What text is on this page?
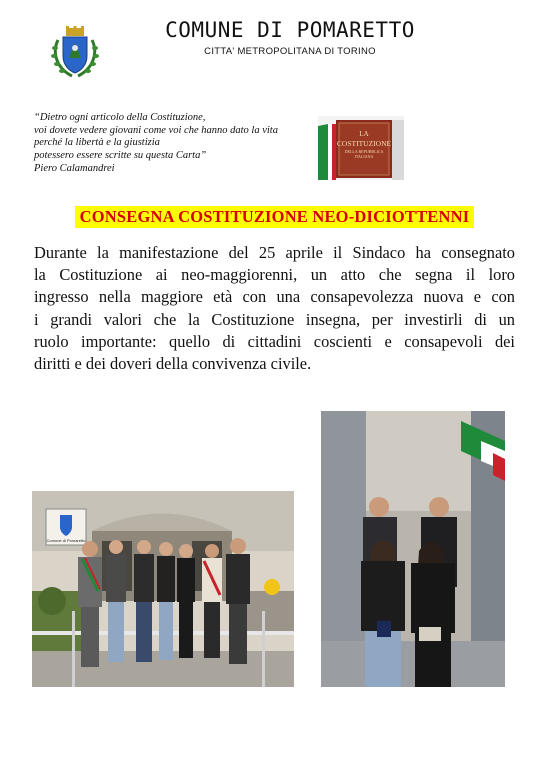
COMUNE DI POMARETTO
CITTA' METROPOLITANA DI TORINO
“Dietro ogni articolo della Costituzione,
voi dovete vedere giovani come voi che hanno dato la vita
perché la libertà e la giustizia
potessero essere scritte su questa Carta”
Piero Calamandrei
LA
COSTITUZIONE
DELLA REPUBBLICA
ITALIANA
CONSEGNA COSTITUZIONE NEO-DICIOTTENNI
Durante la manifestazione del 25 aprile il Sindaco ha consegnato
la Costituzione ai neo-maggiorenni, un atto che segna il loro
ingresso nella maggiore età con una consapevolezza nuova e con
i grandi valori che la Costituzione insegna, per investirli di un
ruolo importante: quello di cittadini coscienti e consapevoli dei
diritti e dei doveri della convivenza civile.
Comune di Pomaretto
